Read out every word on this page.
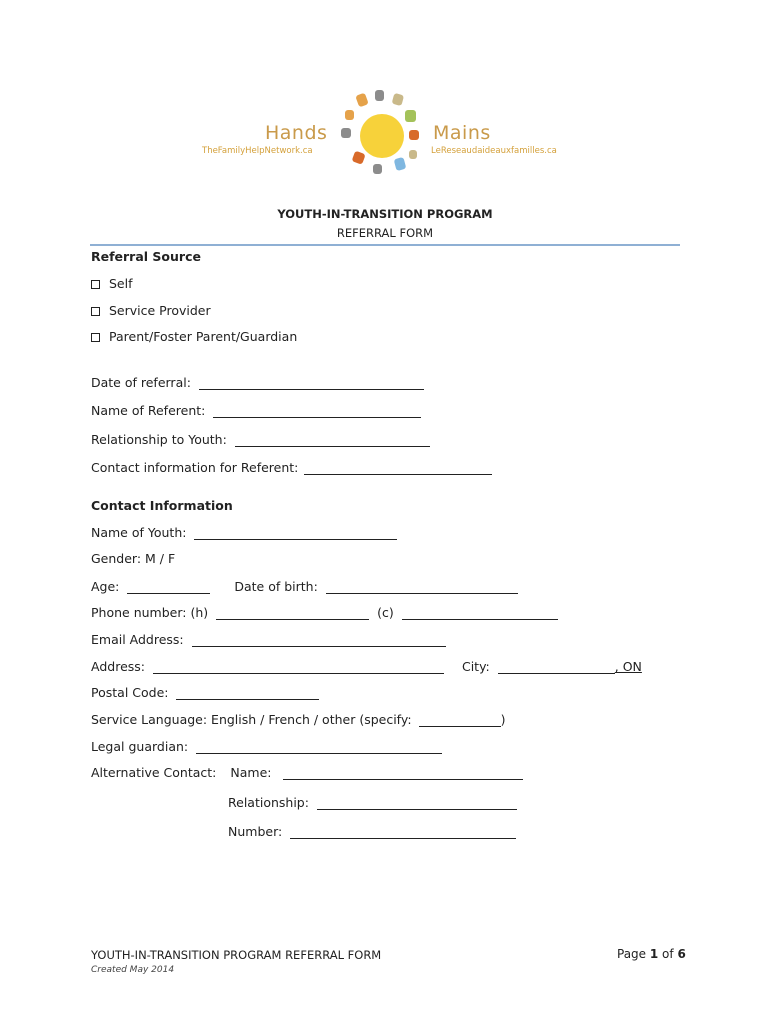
Hands	Mains
TheFamilyHelpNetwork.ca	LeReseaudaideauxfamilles.ca
YOUTH-IN-TRANSITION PROGRAM
REFERRAL FORM
Referral Source
Self
Service Provider
Parent/Foster Parent/Guardian
Date of referral:
Name of Referent:
Relationship to Youth:
Contact information for Referent:
Contact Information
Name of Youth:
Gender: M / F
Age:	Date of birth:
Phone number: (h)	(c)
Email Address:
Address:	City:	, ON
Postal Code:
Service Language: English / French / other (specify:	)
Legal guardian:
Alternative Contact: Name:
Relationship:
Number:
YOUTH-IN-TRANSITION PROGRAM REFERRAL FORM
Created May 2014
Page 1 of 6
